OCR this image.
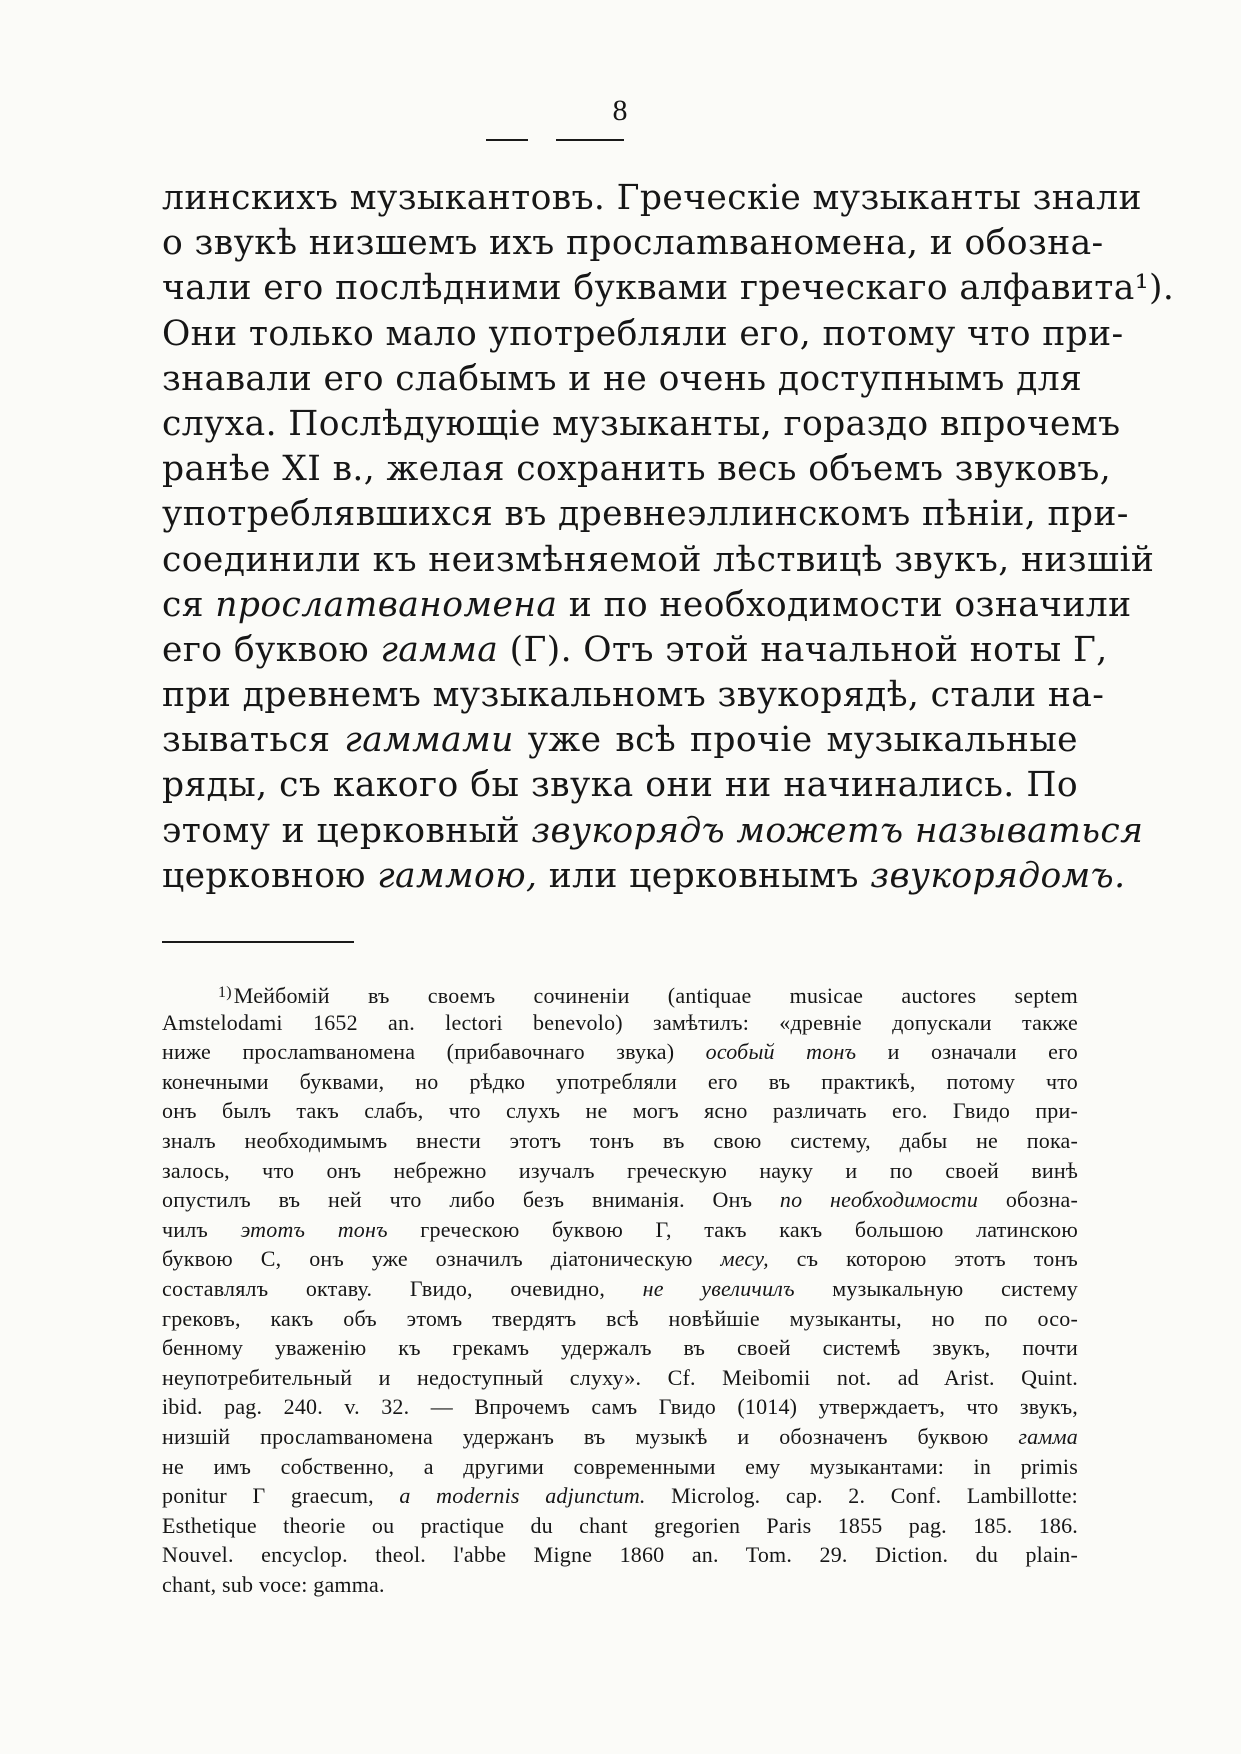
8
линскихъ музыкантовъ. Греческіе музыканты знали
о звукѣ низшемъ ихъ прослamванoмена, и обозна-
чали его послѣдними буквами греческаго алфавита¹).
Они только мало употребляли его, потому что при-
знавали его слабымъ и не очень доступнымъ для
слуха. Послѣдующіе музыканты, гораздо впрочемъ
ранѣе XI в., желая сохранить весь объемъ звуковъ,
употреблявшихся въ древнеэллинскомъ пѣніи, при-
соединили къ неизмѣняемой лѣствицѣ звукъ, низшій
ся прослamванoмена и по необходимости означили
его буквою гамма (Г). Отъ этой начальной ноты Г,
при древнемъ музыкальномъ звукорядѣ, стали на-
зываться гаммами уже всѣ прочіе музыкальные
ряды, съ какого бы звука они ни начинались. По
этому и церковный звукорядъ можетъ называться
церковною гаммою, или церковнымъ звукорядомъ.
$^{1)}$Мейбомій въ своемъ сочиненіи (antiquae musicae auctores septem
Amstelodami 1652 an. lectori benevolo) замѣтилъ: «древніе допускали также
ниже прослamванoмена (прибавочнаго звука) особый тонъ и означали его
конечными буквами, но рѣдко употребляли его въ практикѣ, потому что
онъ былъ такъ слабъ, что слухъ не могъ ясно различать его. Гвидо при-
зналъ необходимымъ внести этотъ тонъ въ свою систему, дабы не пока-
залось, что онъ небрежно изучалъ греческую науку и по своей винѣ
опустилъ въ ней что либо безъ вниманія. Онъ по необходимости обозна-
чилъ этотъ тонъ греческою буквою Г, такъ какъ большою латинскою
буквою С, онъ уже означилъ діатоническую месу, съ которою этотъ тонъ
составлялъ октаву. Гвидо, очевидно, не увеличилъ музыкальную систему
грековъ, какъ объ этомъ твердятъ всѣ новѣйшіе музыканты, но по осо-
бенному уваженію къ грекамъ удержалъ въ своей системѣ звукъ, почти
неупотребительный и недоступный слуху». Cf. Meibomii not. ad Arist. Quint.
ibid. pag. 240. v. 32. — Впрочемъ самъ Гвидо (1014) утверждаетъ, что звукъ,
низшій прослamванoмена удержанъ въ музыкѣ и обозначенъ буквою гамма
не имъ собственно, а другими современными ему музыкантами: in primis
ponitur Г graecum, a modernis adjunctum. Microlog. cap. 2. Conf. Lambillotte:
Esthetique theorie ou practique du chant gregorien Paris 1855 pag. 185. 186.
Nouvel. encyclop. theol. l'abbe Migne 1860 an. Tom. 29. Diction. du plain-
chant, sub voce: gamma.
